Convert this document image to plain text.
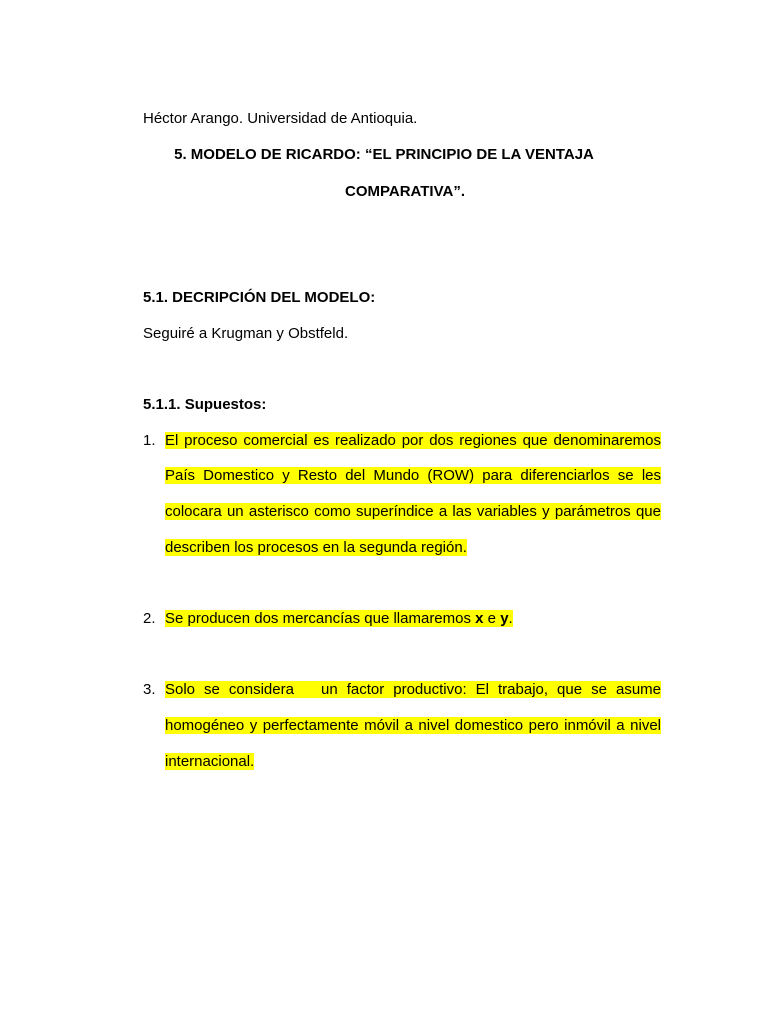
Héctor Arango. Universidad de Antioquia.
5. MODELO DE RICARDO: “EL PRINCIPIO DE LA VENTAJA
COMPARATIVA”.
5.1. DECRIPCIÓN DEL MODELO:
Seguiré a Krugman y Obstfeld.
5.1.1. Supuestos:
1. El proceso comercial es realizado por dos regiones que denominaremos
País Domestico y Resto del Mundo (ROW) para diferenciarlos se les
colocara un asterisco como superíndice a las variables y parámetros que
describen los procesos en la segunda región.
2. Se producen dos mercancías que llamaremos x e y.
3. Solo se considera   un factor productivo: El trabajo, que se asume
homogéneo y perfectamente móvil a nivel domestico pero inmóvil a nivel
internacional.
